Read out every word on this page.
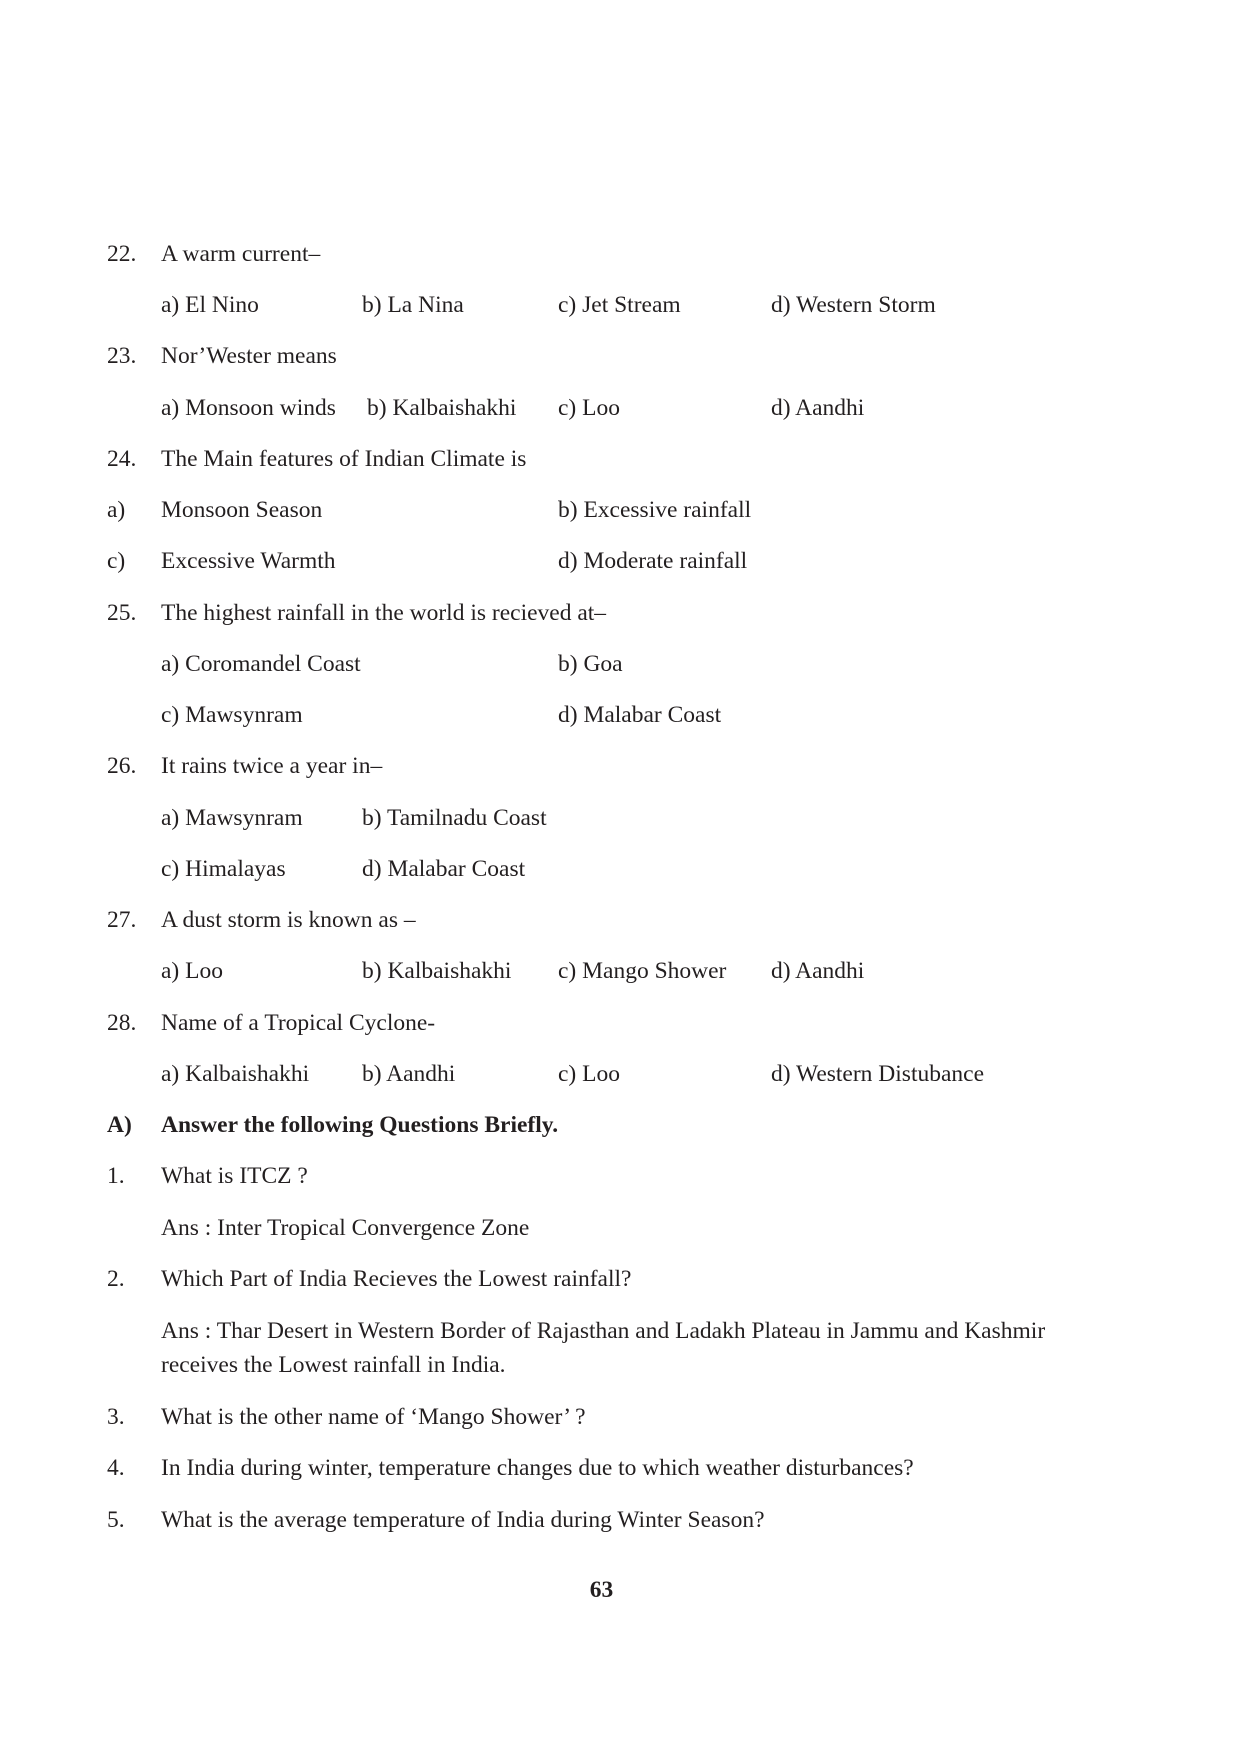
22. A warm current–
a) El Nino	b) La Nina	c) Jet Stream	d) Western Storm
23. Nor’Wester means
a) Monsoon winds b) Kalbaishakhi c) Loo	d) Aandhi
24. The Main features of Indian Climate is
a) Monsoon Season	b) Excessive rainfall
c) Excessive Warmth	d) Moderate rainfall
25. The highest rainfall in the world is recieved at–
a) Coromandel Coast	b) Goa
c) Mawsynram	d) Malabar Coast
26. It rains twice a year in–
a) Mawsynram	b) Tamilnadu Coast
c) Himalayas	d) Malabar Coast
27. A dust storm is known as –
a) Loo	b) Kalbaishakhi c) Mango Shower d) Aandhi
28. Name of a Tropical Cyclone-
a) Kalbaishakhi b) Aandhi	c) Loo	d) Western Distubance
A) Answer the following Questions Briefly.
1. What is ITCZ ?
Ans : Inter Tropical Convergence Zone
2. Which Part of India Recieves the Lowest rainfall?
Ans : Thar Desert in Western Border of Rajasthan and Ladakh Plateau in Jammu and Kashmir receives the Lowest rainfall in India.
3. What is the other name of ‘Mango Shower’ ?
4. In India during winter, temperature changes due to which weather disturbances?
5. What is the average temperature of India during Winter Season?
63
